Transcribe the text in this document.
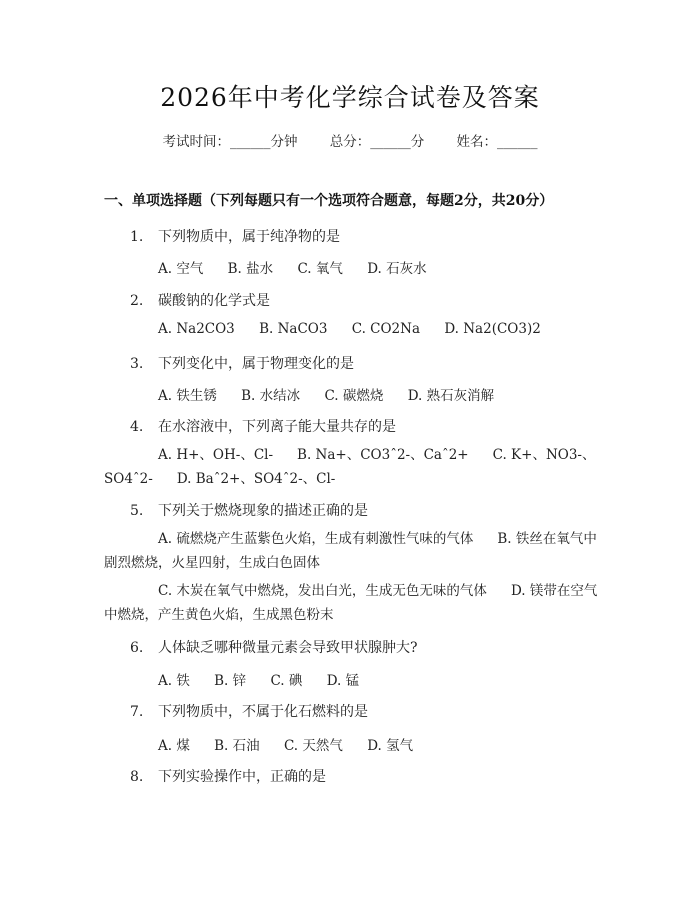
2026年中考化学综合试卷及答案
考试时间：______分钟 总分：______分 姓名：______
一、单项选择题（下列每题只有一个选项符合题意，每题2分，共20分）
1. 下列物质中，属于纯净物的是
A. 空气 B. 盐水 C. 氧气 D. 石灰水
2. 碳酸钠的化学式是
A. Na2CO3 B. NaCO3 C. CO2Na D. Na2(CO3)2
3. 下列变化中，属于物理变化的是
A. 铁生锈 B. 水结冰 C. 碳燃烧 D. 熟石灰消解
4. 在水溶液中，下列离子能大量共存的是
A. H+、OH-、Cl- B. Na+、CO3ˆ2-、Caˆ2+ C. K+、NO3-、SO4ˆ2- D. Baˆ2+、SO4ˆ2-、Cl-
5. 下列关于燃烧现象的描述正确的是
A. 硫燃烧产生蓝紫色火焰，生成有刺激性气味的气体 B. 铁丝在氧气中剧烈燃烧，火星四射，生成白色固体
C. 木炭在氧气中燃烧，发出白光，生成无色无味的气体 D. 镁带在空气中燃烧，产生黄色火焰，生成黑色粉末
6. 人体缺乏哪种微量元素会导致甲状腺肿大?
A. 铁 B. 锌 C. 碘 D. 锰
7. 下列物质中，不属于化石燃料的是
A. 煤 B. 石油 C. 天然气 D. 氢气
8. 下列实验操作中，正确的是
